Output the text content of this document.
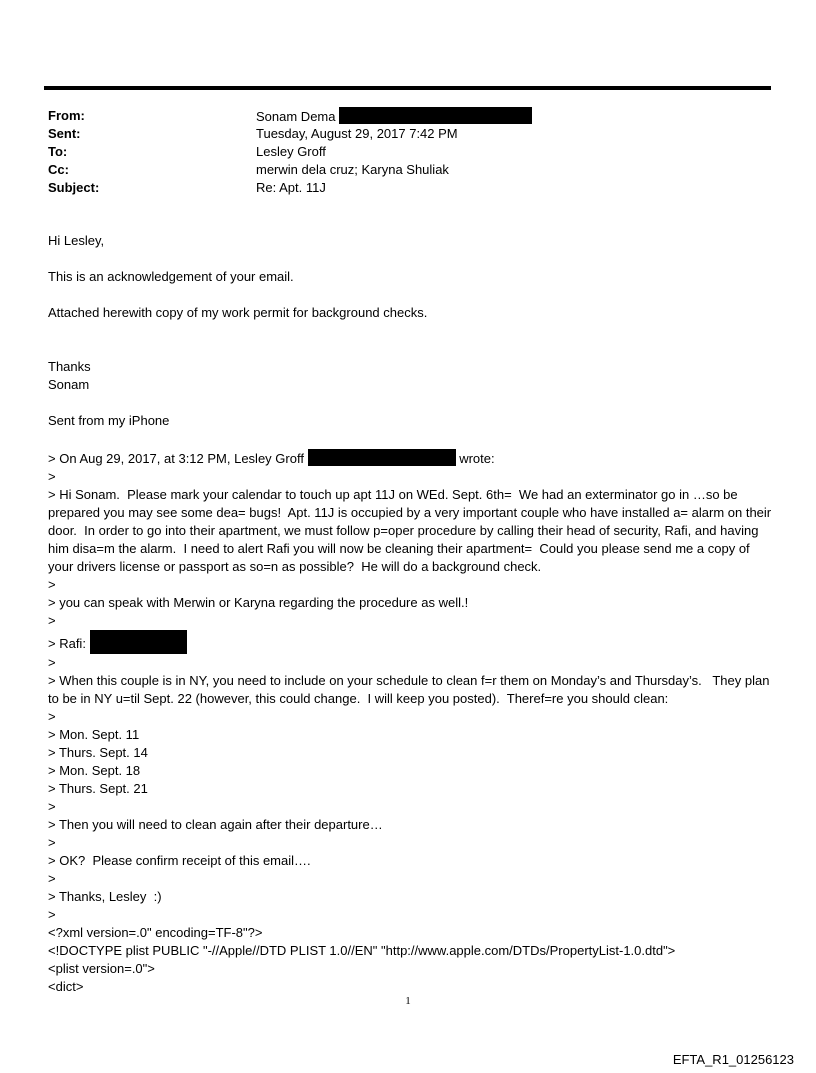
From:	Sonam Dema
Sent:	Tuesday, August 29, 2017 7:42 PM
To:	Lesley Groff
Cc:	merwin dela cruz; Karyna Shuliak
Subject:	Re: Apt. 11J

Hi Lesley,

This is an acknowledgement of your email.

Attached herewith copy of my work permit for background checks.

Thanks

Sonam

Sent from my iPhone

> On Aug 29, 2017, at 3:12 PM, Lesley Groff	wrote:
>
> Hi Sonam.  Please mark your calendar to touch up apt 11J on WEd. Sept. 6th=  We had an exterminator go in …so be prepared you may see some dea= bugs!  Apt. 11J is occupied by a very important couple who have installed a= alarm on their door.  In order to go into their apartment, we must follow p=oper procedure by calling their head of security, Rafi, and having him disa=m the alarm.  I need to alert Rafi you will now be cleaning their apartment=  Could you please send me a copy of your drivers license or passport as so=n as possible?  He will do a background check.
>
> you can speak with Merwin or Karyna regarding the procedure as well.!
>
> Rafi:
>
> When this couple is in NY, you need to include on your schedule to clean f=r them on Monday’s and Thursday’s.   They plan to be in NY u=til Sept. 22 (however, this could change.  I will keep you posted).  Theref=re you should clean:
>
> Mon. Sept. 11
> Thurs. Sept. 14
> Mon. Sept. 18
> Thurs. Sept. 21
>
> Then you will need to clean again after their departure…
>
> OK?  Please confirm receipt of this email….
>
> Thanks, Lesley  :)
>
<?xml version=.0" encoding=TF-8"?>
<!DOCTYPE plist PUBLIC "-//Apple//DTD PLIST 1.0//EN" "http://www.apple.com/DTDs/PropertyList-1.0.dtd">
<plist version=.0">
<dict>
1
EFTA_R1_01256123
